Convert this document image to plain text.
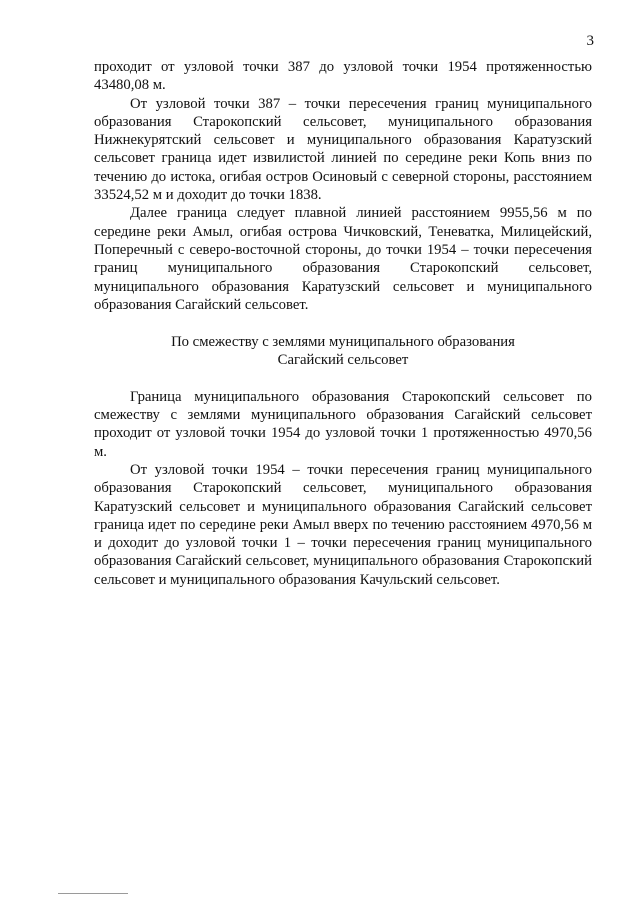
3

проходит от узловой точки 387 до узловой точки 1954 протяженностью 43480,08 м.

От узловой точки 387 – точки пересечения границ муниципального образования Старокопский сельсовет, муниципального образования Нижнекурятский сельсовет и муниципального образования Каратузский сельсовет граница идет извилистой линией по середине реки Копь вниз по течению до истока, огибая остров Осиновый с северной стороны, расстоянием 33524,52 м и доходит до точки 1838.

Далее граница следует плавной линией расстоянием 9955,56 м по середине реки Амыл, огибая острова Чичковский, Теневатка, Милицейский, Поперечный с северо-восточной стороны, до точки 1954 – точки пересечения границ муниципального образования Старокопский сельсовет, муниципального образования Каратузский сельсовет и муниципального образования Сагайский сельсовет.

По смежеству с землями муниципального образования
Сагайский сельсовет

Граница муниципального образования Старокопский сельсовет по смежеству с землями муниципального образования Сагайский сельсовет проходит от узловой точки 1954 до узловой точки 1 протяженностью 4970,56 м.

От узловой точки 1954 – точки пересечения границ муниципального образования Старокопский сельсовет, муниципального образования Каратузский сельсовет и муниципального образования Сагайский сельсовет граница идет по середине реки Амыл вверх по течению расстоянием 4970,56 м и доходит до узловой точки 1 – точки пересечения границ муниципального образования Сагайский сельсовет, муниципального образования Старокопский сельсовет и муниципального образования Качульский сельсовет.
